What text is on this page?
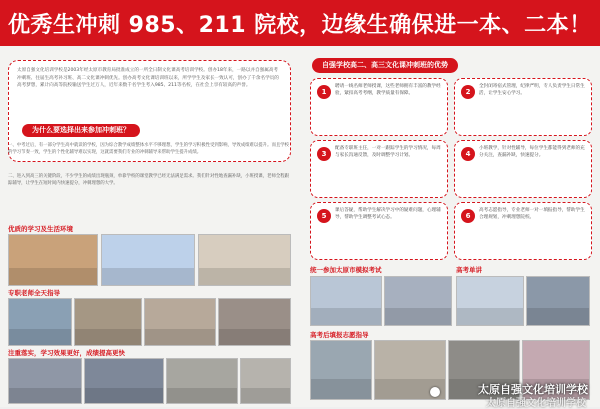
优秀生冲刺 985、211 院校，边缘生确保进一本、二本！
太原自强文化培训学校是2003年经太原市教育局批准成立的一所全日制文化课高考培训学校。创办18年来，一路以并自强属高考冲刺班、往届生高考补习班、高二文化课冲刺优先。创办高考文化课培训班以来，所学学生及家长一致认可，创办了千余名学员的高考梦想，累计向高等院校输送学生过万人，近年来数千名学生考入985、211等名校，在社会上享有较高的声誉。
为什么要选择出来参加冲刺班？
一、中考过后，有一部分学生高中就读的学校，因为综合教学成绩整体水平不够理想，学生的学习积极性受到影响，导致成绩难以提升。而且学校的学习节奏一致，学生的个性化辅导难以实现，这就需要我们专业的冲刺辅导来帮助学生提升成绩。
二、进入到高三的关键阶段，不少学生的成绩出现瓶颈，单靠学校的课堂教学已经无法满足需求。我们针对性地查漏补缺，小班授课，老师全程跟踪辅导，让学生在短时间内快速提分，冲刺理想的大学。
优质的学习及生活环境
专职老师全天指导
注重落实，学习效果更好，成绩提高更快
自强学校高二、高三文化课冲刺班的优势
1
聘请一线名师老师授课，这些老师拥有丰富的教学经验，紧扣高考考纲，教学质量有保障。	2
全封闭寄宿式管理，纪律严明，专人负责学生日常生活，让学生安心学习。
3
配备专职班主任，一对一跟踪学生的学习情况，每周与家长沟通反馈，及时调整学习计划。	4
小班教学，针对性辅导，每位学生都能得到老师的充分关注，查漏补缺，快速提分。
5
课后答疑，帮助学生解决学习中的疑难问题，心理辅导，帮助学生调整考试心态。	6
高考志愿指导，专业老师一对一填报指导，帮助学生合理规划，冲刺理想院校。
统一参加太原市模拟考试	高考单讲
高考后填报志愿指导
太原自强文化培训学校
太原自强文化培训学校
